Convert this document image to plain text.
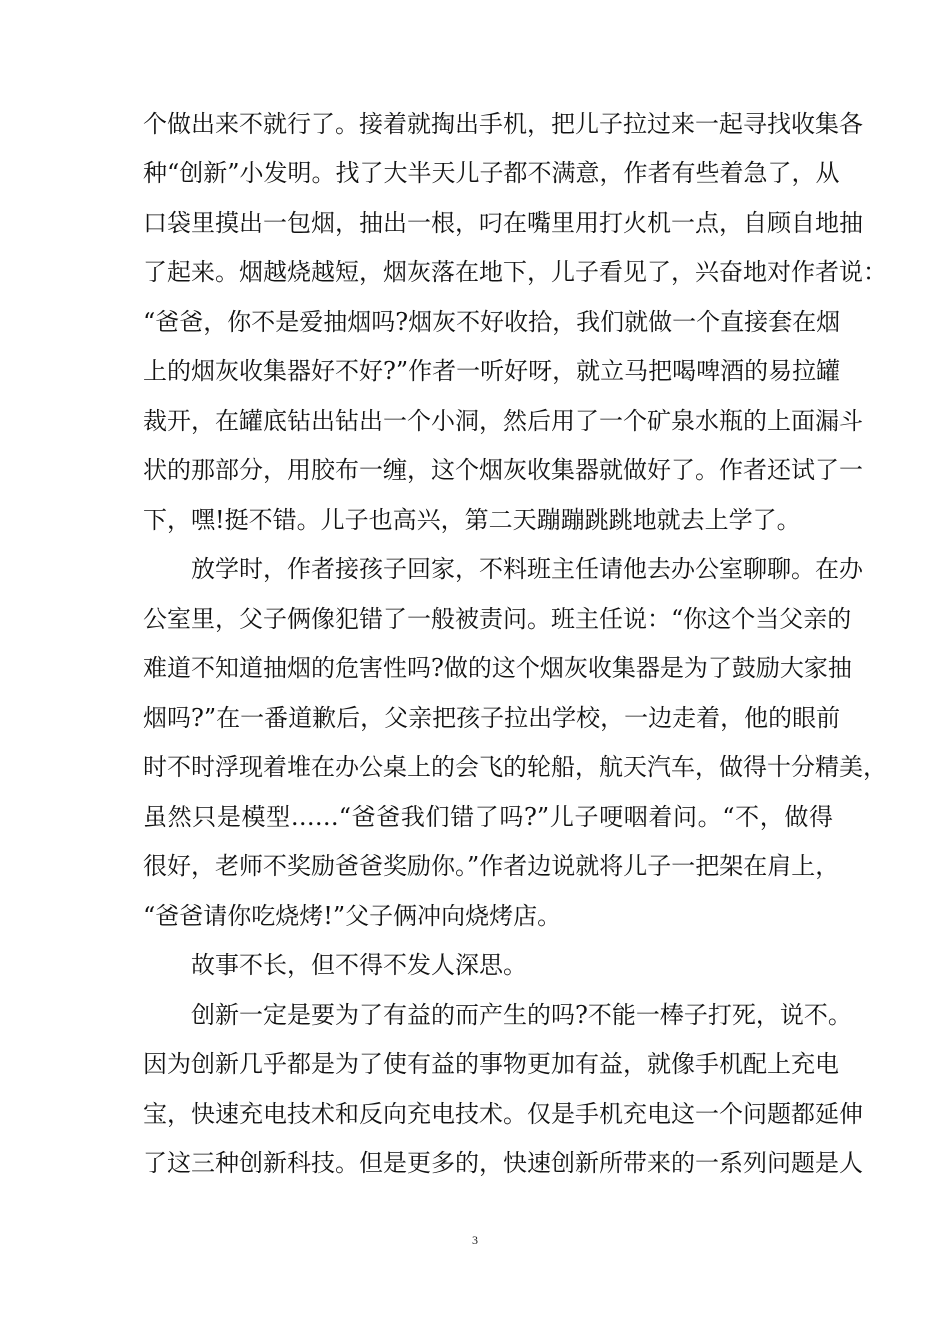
个做出来不就行了。接着就掏出手机，把儿子拉过来一起寻找收集各
种“创新”小发明。找了大半天儿子都不满意，作者有些着急了，从
口袋里摸出一包烟，抽出一根，叼在嘴里用打火机一点，自顾自地抽
了起来。烟越烧越短，烟灰落在地下，儿子看见了，兴奋地对作者说：
“爸爸，你不是爱抽烟吗?烟灰不好收拾，我们就做一个直接套在烟
上的烟灰收集器好不好?”作者一听好呀，就立马把喝啤酒的易拉罐
裁开，在罐底钻出钻出一个小洞，然后用了一个矿泉水瓶的上面漏斗
状的那部分，用胶布一缠，这个烟灰收集器就做好了。作者还试了一
下，嘿!挺不错。儿子也高兴，第二天蹦蹦跳跳地就去上学了。
放学时，作者接孩子回家，不料班主任请他去办公室聊聊。在办
公室里，父子俩像犯错了一般被责问。班主任说：“你这个当父亲的
难道不知道抽烟的危害性吗?做的这个烟灰收集器是为了鼓励大家抽
烟吗?”在一番道歉后，父亲把孩子拉出学校，一边走着，他的眼前
时不时浮现着堆在办公桌上的会飞的轮船，航天汽车，做得十分精美，
虽然只是模型……“爸爸我们错了吗?”儿子哽咽着问。“不，做得
很好，老师不奖励爸爸奖励你。”作者边说就将儿子一把架在肩上，
“爸爸请你吃烧烤!”父子俩冲向烧烤店。
故事不长，但不得不发人深思。
创新一定是要为了有益的而产生的吗?不能一棒子打死，说不。
因为创新几乎都是为了使有益的事物更加有益，就像手机配上充电
宝，快速充电技术和反向充电技术。仅是手机充电这一个问题都延伸
了这三种创新科技。但是更多的，快速创新所带来的一系列问题是人
3
